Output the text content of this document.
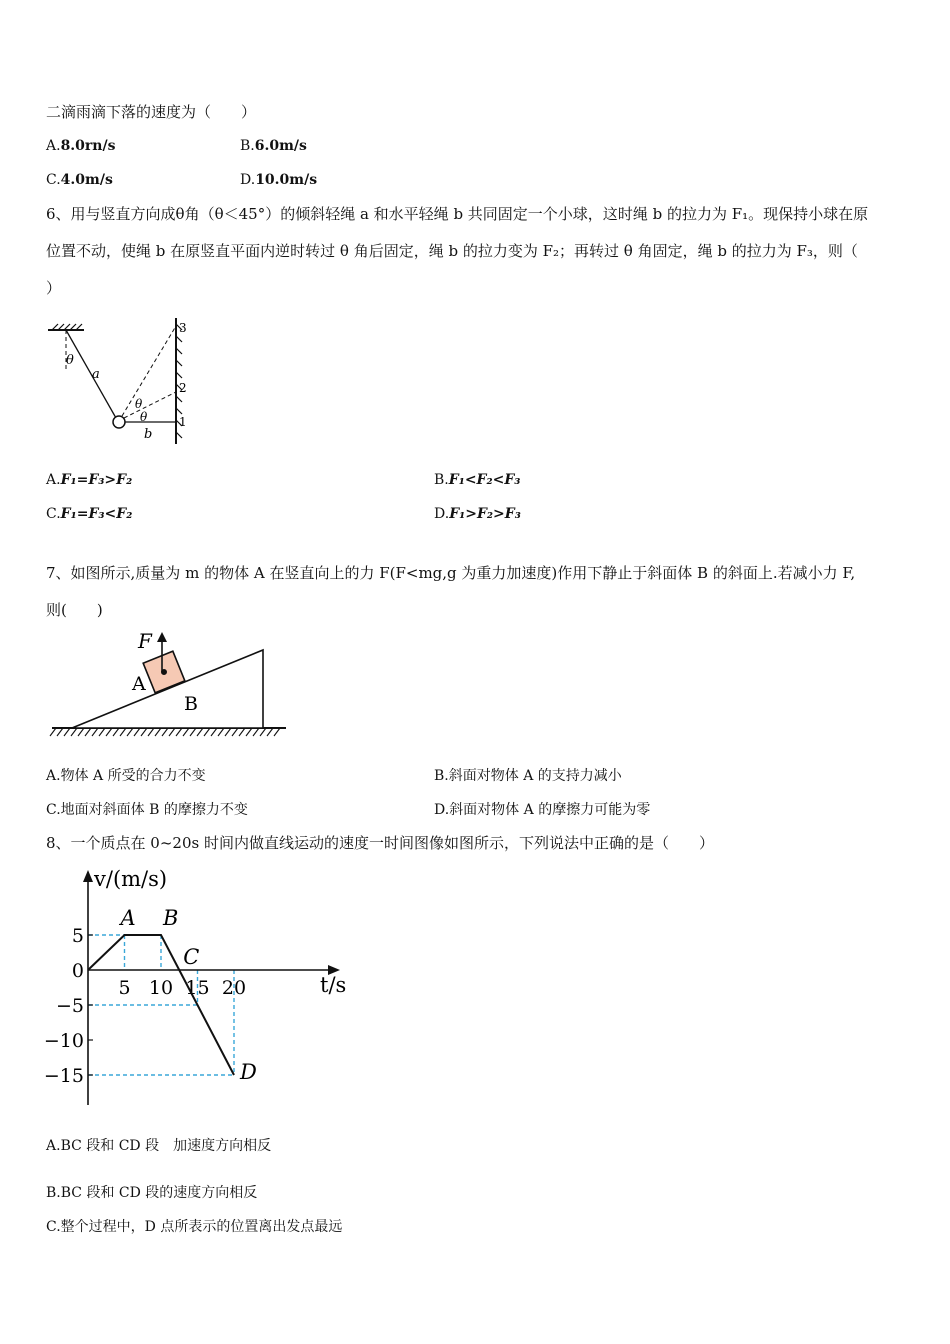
二滴雨滴下落的速度为（　　）
A.8.0rn/s	B.6.0m/s
C.4.0m/s	D.10.0m/s
6、用与竖直方向成θ角（θ＜45°）的倾斜轻绳 a 和水平轻绳 b 共同固定一个小球，这时绳 b 的拉力为 F₁。现保持小球在原
位置不动，使绳 b 在原竖直平面内逆时转过 θ 角后固定，绳 b 的拉力变为 F₂；再转过 θ 角固定，绳 b 的拉力为 F₃，则（
）
θ
a
θ
θ
b
1
2
3
A.F₁=F₃>F₂	B.F₁<F₂<F₃
C.F₁=F₃<F₂	D.F₁>F₂>F₃
7、如图所示,质量为 m 的物体 A 在竖直向上的力 F(F<mg,g 为重力加速度)作用下静止于斜面体 B 的斜面上.若减小力 F,
则(　　)
F
A
B
A.物体 A 所受的合力不变	B.斜面对物体 A 的支持力减小
C.地面对斜面体 B 的摩擦力不变	D.斜面对物体 A 的摩擦力可能为零
8、一个质点在 0~20s 时间内做直线运动的速度一时间图像如图所示，下列说法中正确的是（　　）
5 10 15 20
5
0
−5
−10
−15
A B
C
D
v/(m/s)
t/s
A.BC 段和 CD 段　加速度方向相反
B.BC 段和 CD 段的速度方向相反
C.整个过程中，D 点所表示的位置离出发点最远
